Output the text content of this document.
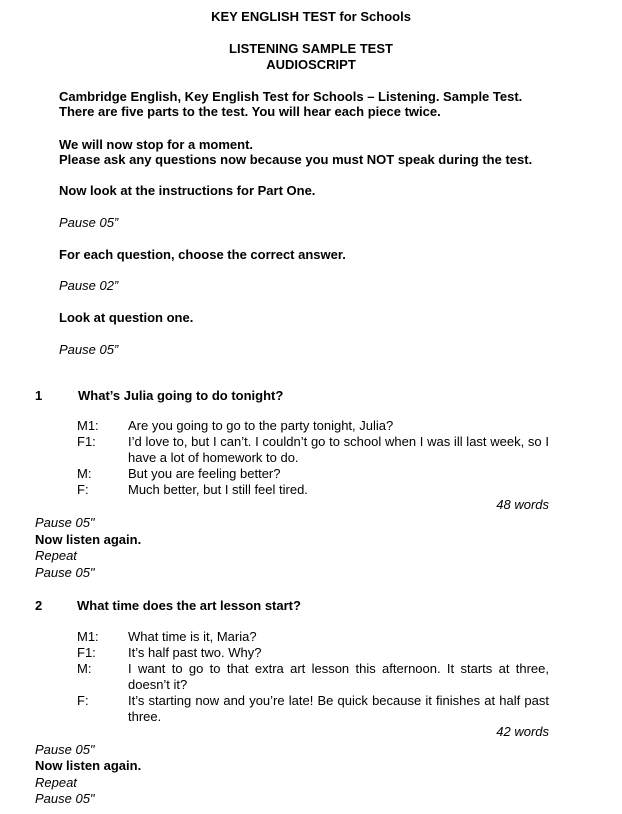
KEY ENGLISH TEST for Schools
LISTENING SAMPLE TEST
AUDIOSCRIPT
Cambridge English, Key English Test for Schools – Listening. Sample Test.
There are five parts to the test. You will hear each piece twice.
We will now stop for a moment.
Please ask any questions now because you must NOT speak during the test.
Now look at the instructions for Part One.
Pause 05”
For each question, choose the correct answer.
Pause 02”
Look at question one.
Pause 05”
1	What’s Julia going to do tonight?
M1: Are you going to go to the party tonight, Julia?
F1: I’d love to, but I can’t. I couldn’t go to school when I was ill last week, so I have a lot of homework to do.
M:	But you are feeling better?
F:	Much better, but I still feel tired.
48 words
Pause 05"
Now listen again.
Repeat
Pause 05"
2	What time does the art lesson start?
M1: What time is it, Maria?
F1: It’s half past two. Why?
M:	I want to go to that extra art lesson this afternoon. It starts at three, doesn’t it?
F:	It’s starting now and you’re late! Be quick because it finishes at half past three.
42 words
Pause 05"
Now listen again.
Repeat
Pause 05"
